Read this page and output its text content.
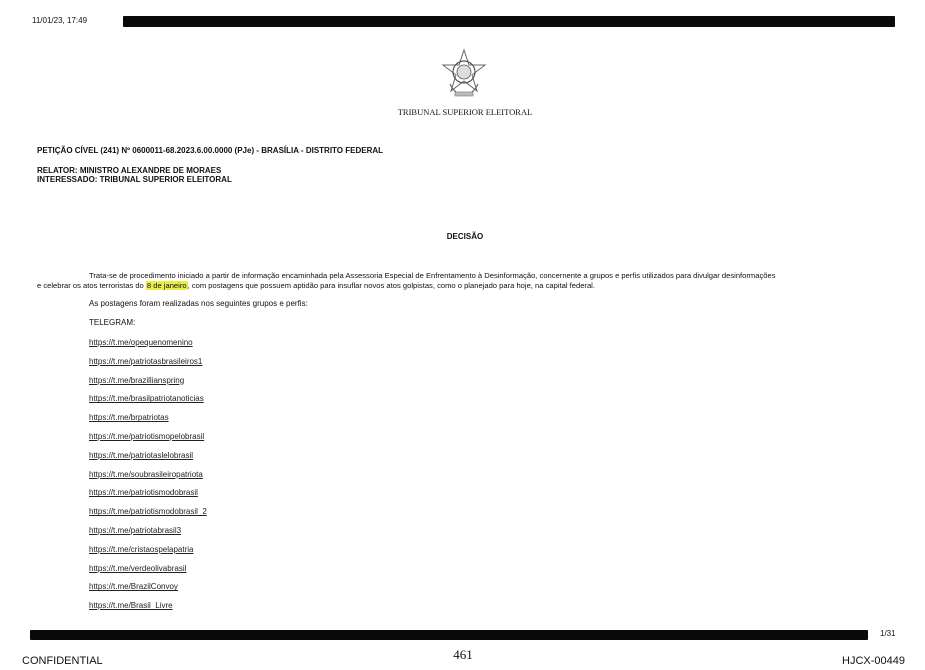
11/01/23, 17:49
TRIBUNAL SUPERIOR ELEITORAL
PETIÇÃO CÍVEL (241) Nº 0600011-68.2023.6.00.0000 (PJe) - BRASÍLIA - DISTRITO FEDERAL
RELATOR: MINISTRO ALEXANDRE DE MORAES
INTERESSADO: TRIBUNAL SUPERIOR ELEITORAL
DECISÃO
Trata-se de procedimento iniciado a partir de informação encaminhada pela Assessoria Especial de Enfrentamento à Desinformação, concernente a grupos e perfis utilizados para divulgar desinformações
e celebrar os atos terroristas do 8 de janeiro, com postagens que possuem aptidão para insuflar novos atos golpistas, como o planejado para hoje, na capital federal.
As postagens foram realizadas nos seguintes grupos e perfis:
TELEGRAM:
https://t.me/opequenomenino
https://t.me/patriotasbrasileiros1
https://t.me/brazillianspring
https://t.me/brasilpatriotanoticias
https://t.me/brpatriotas
https://t.me/patriotismopelobrasil
https://t.me/patriotaslelobrasil
https://t.me/soubrasileiropatriota
https://t.me/patriotismodobrasil
https://t.me/patriotismodobrasil_2
https://t.me/patriotabrasil3
https://t.me/cristaospelapatria
https://t.me/verdeolivabrasil
https://t.me/BrazilConvoy
https://t.me/Brasil_Livre
1/31
CONFIDENTIAL	461	HJCX-00449
